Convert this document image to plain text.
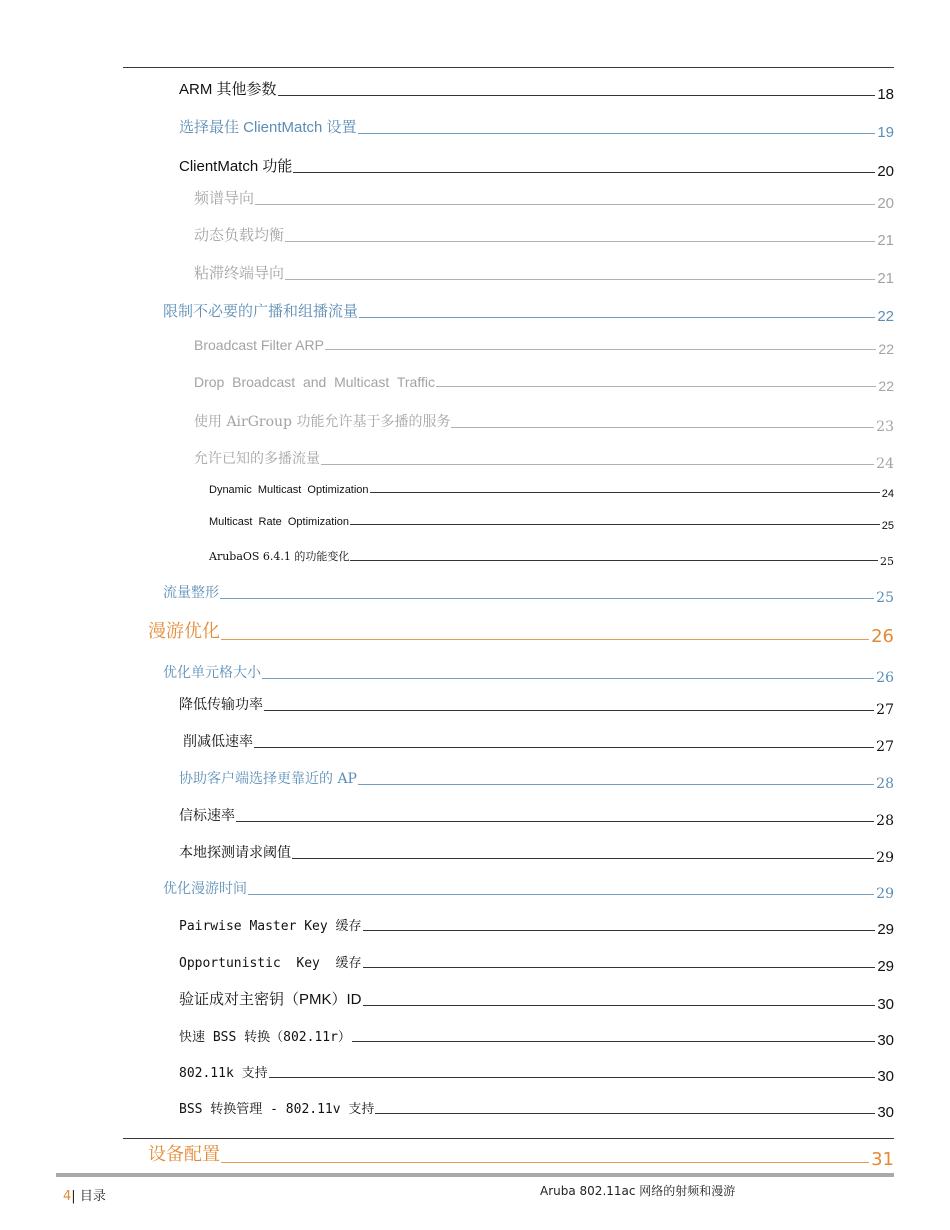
ARM 其他参数	18
选择最佳 ClientMatch 设置	19
ClientMatch 功能	20
频谱导向	20
动态负载均衡	21
粘滞终端导向	21
限制不必要的广播和组播流量	22
Broadcast Filter ARP	22
Drop  Broadcast  and  Multicast  Traffic	22
使用 AirGroup 功能允许基于多播的服务	23
允许已知的多播流量	24
Dynamic  Multicast  Optimization	24
Multicast  Rate  Optimization	25
ArubaOS 6.4.1 的功能变化	25
流量整形	25
漫游优化	26
优化单元格大小	26
降低传输功率	27
削减低速率	27
协助客户端选择更靠近的 AP	28
信标速率	28
本地探测请求阈值	29
优化漫游时间	29
Pairwise Master Key 缓存	29
Opportunistic  Key  缓存	29
验证成对主密钥（PMK）ID	30
快速 BSS 转换（802.11r）	30
802.11k 支持	30
BSS 转换管理 - 802.11v 支持	30
设备配置	31
4| 目录	Aruba 802.11ac 网络的射频和漫游
